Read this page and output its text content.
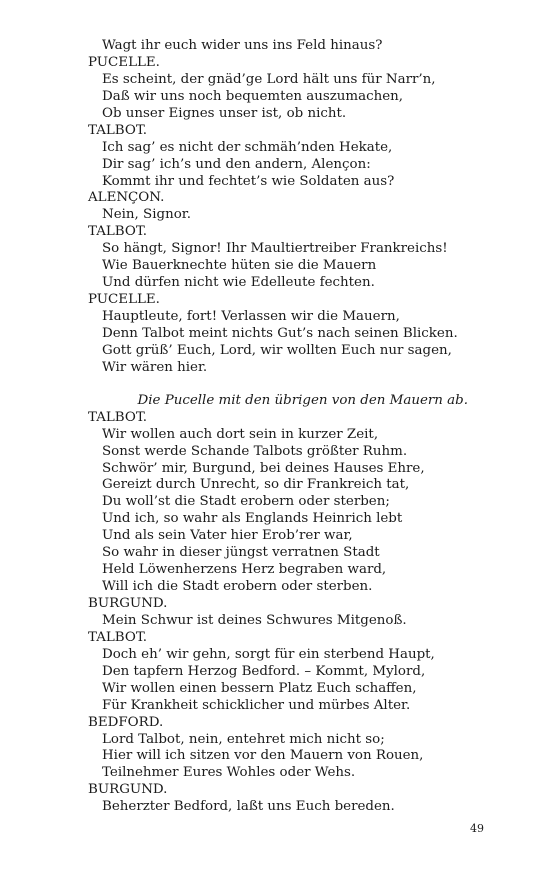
Wagt ihr euch wider uns ins Feld hinaus?
PUCELLE.
Es scheint, der gnäd’ge Lord hält uns für Narr’n,
Daß wir uns noch bequemten auszumachen,
Ob unser Eignes unser ist, ob nicht.
TALBOT.
Ich sag’ es nicht der schmäh’nden Hekate,
Dir sag’ ich’s und den andern, Alençon:
Kommt ihr und fechtet’s wie Soldaten aus?
ALENÇON.
Nein, Signor.
TALBOT.
So hängt, Signor! Ihr Maultiertreiber Frankreichs!
Wie Bauerknechte hüten sie die Mauern
Und dürfen nicht wie Edelleute fechten.
PUCELLE.
Hauptleute, fort! Verlassen wir die Mauern,
Denn Talbot meint nichts Gut’s nach seinen Blicken.
Gott grüß’ Euch, Lord, wir wollten Euch nur sagen,
Wir wären hier.
Die Pucelle mit den übrigen von den Mauern ab.
TALBOT.
Wir wollen auch dort sein in kurzer Zeit,
Sonst werde Schande Talbots größter Ruhm.
Schwör’ mir, Burgund, bei deines Hauses Ehre,
Gereizt durch Unrecht, so dir Frankreich tat,
Du woll’st die Stadt erobern oder sterben;
Und ich, so wahr als Englands Heinrich lebt
Und als sein Vater hier Erob’rer war,
So wahr in dieser jüngst verratnen Stadt
Held Löwenherzens Herz begraben ward,
Will ich die Stadt erobern oder sterben.
BURGUND.
Mein Schwur ist deines Schwures Mitgenoß.
TALBOT.
Doch eh’ wir gehn, sorgt für ein sterbend Haupt,
Den tapfern Herzog Bedford. – Kommt, Mylord,
Wir wollen einen bessern Platz Euch schaffen,
Für Krankheit schicklicher und mürbes Alter.
BEDFORD.
Lord Talbot, nein, entehret mich nicht so;
Hier will ich sitzen vor den Mauern von Rouen,
Teilnehmer Eures Wohles oder Wehs.
BURGUND.
Beherzter Bedford, laßt uns Euch bereden.
49
